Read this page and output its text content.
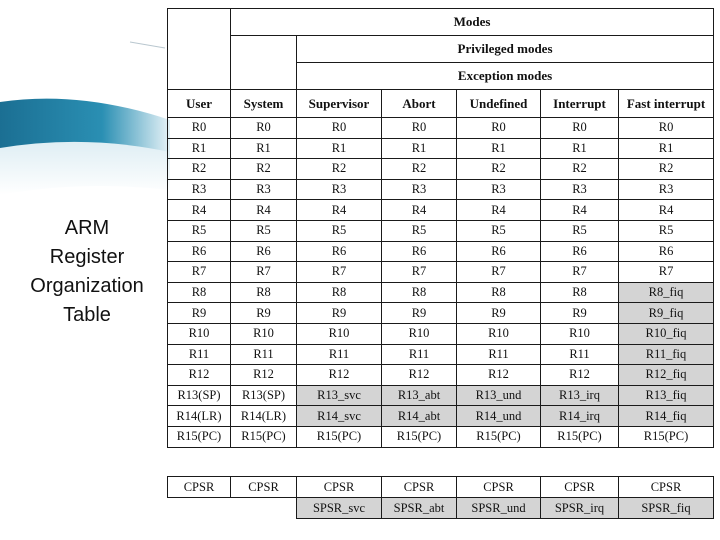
ARM
Register
Organization
Table
	Modes					
		Privileged modes				
		Exception modes				
User	System	Supervisor	Abort	Undefined	Interrupt	Fast interrupt
R0	R0	R0	R0	R0	R0	R0
R1	R1	R1	R1	R1	R1	R1
R2	R2	R2	R2	R2	R2	R2
R3	R3	R3	R3	R3	R3	R3
R4	R4	R4	R4	R4	R4	R4
R5	R5	R5	R5	R5	R5	R5
R6	R6	R6	R6	R6	R6	R6
R7	R7	R7	R7	R7	R7	R7
R8	R8	R8	R8	R8	R8	R8_fiq
R9	R9	R9	R9	R9	R9	R9_fiq
R10	R10	R10	R10	R10	R10	R10_fiq
R11	R11	R11	R11	R11	R11	R11_fiq
R12	R12	R12	R12	R12	R12	R12_fiq
R13(SP)	R13(SP)	R13_svc	R13_abt	R13_und	R13_irq	R13_fiq
R14(LR)	R14(LR)	R14_svc	R14_abt	R14_und	R14_irq	R14_fiq
R15(PC)	R15(PC)	R15(PC)	R15(PC)	R15(PC)	R15(PC)	R15(PC)
CPSR	CPSR	CPSR	CPSR	CPSR	CPSR	CPSR
		SPSR_svc	SPSR_abt	SPSR_und	SPSR_irq	SPSR_fiq
